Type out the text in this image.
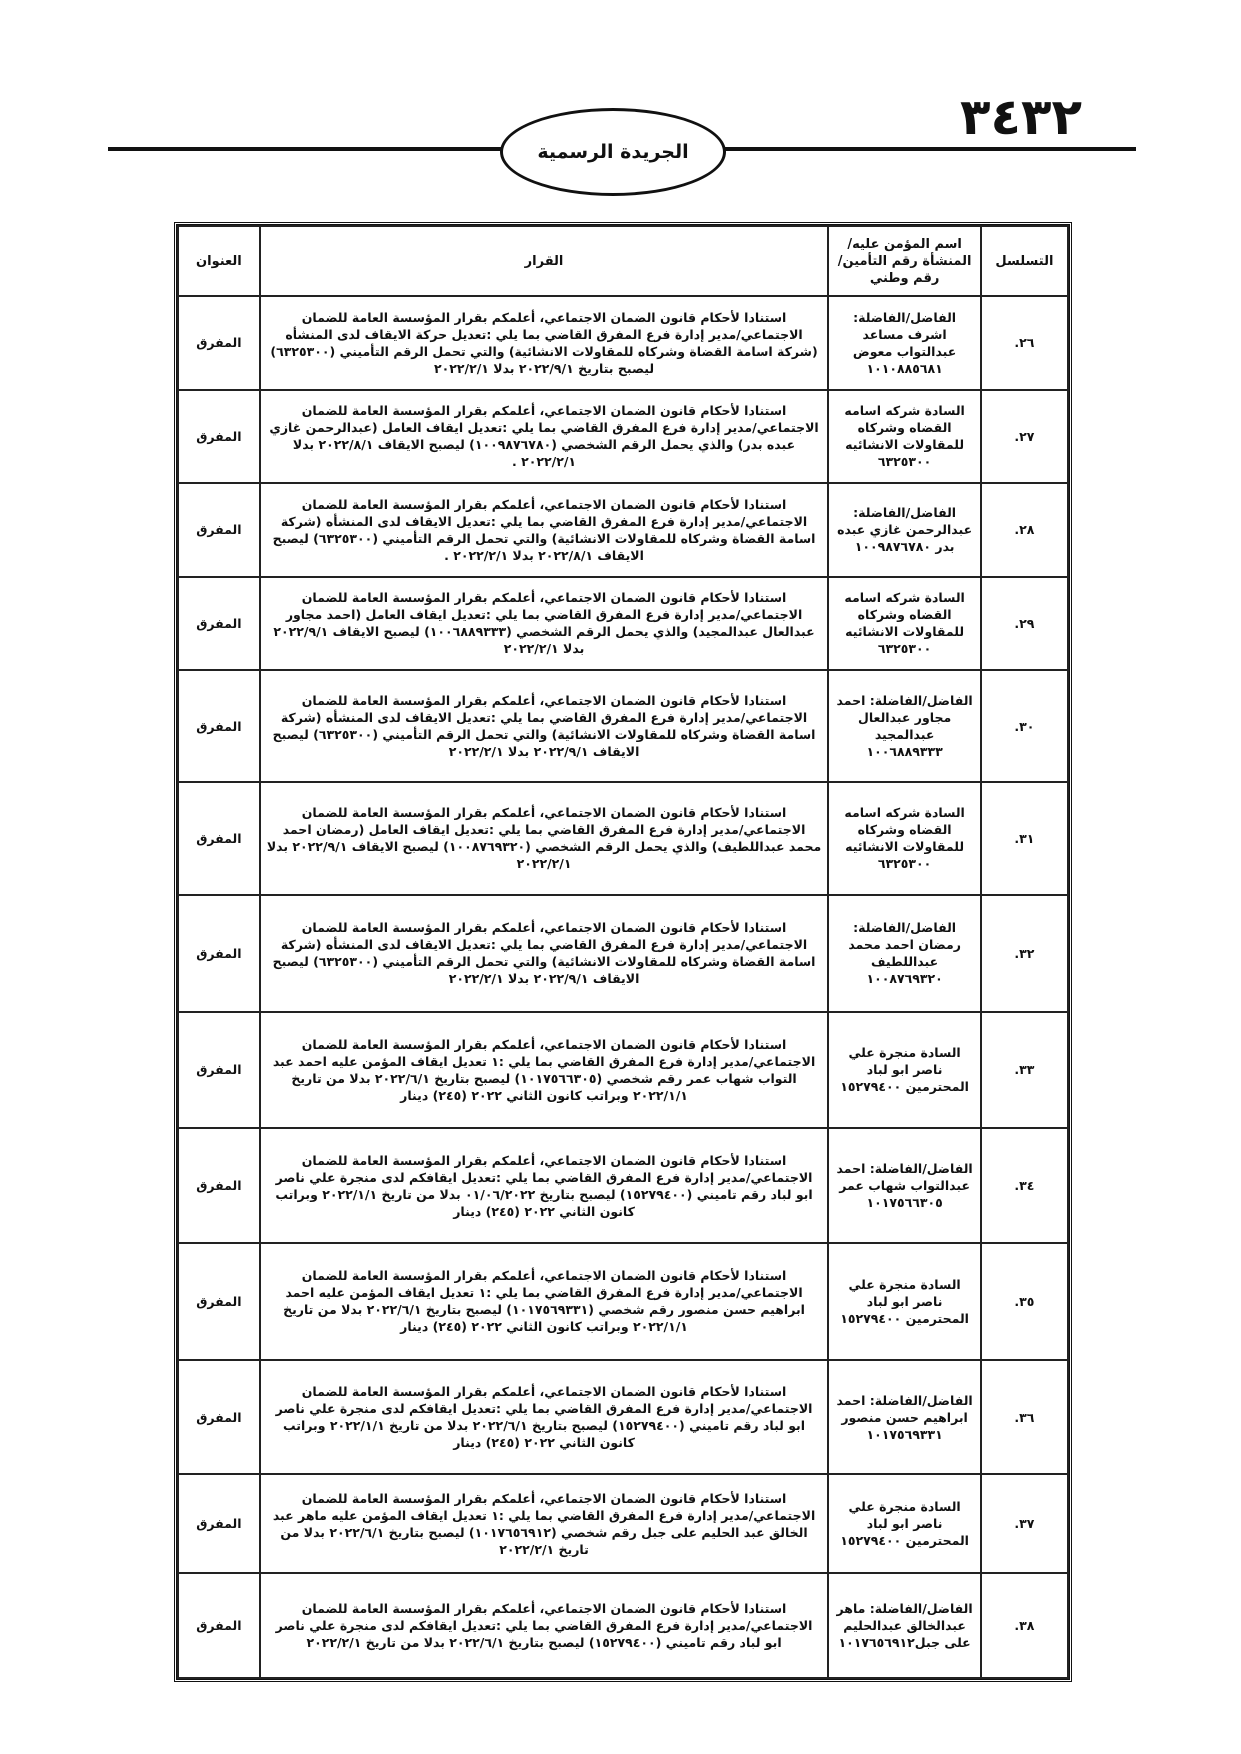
٣٤٣٢
الجريدة الرسمية
التسلسل	اسم المؤمن عليه/ المنشأة رقم التأمين/ رقم وطني	القرار	العنوان
٢٦.	الفاضل/الفاضلة: اشرف مساعد عبدالتواب معوض ١٠١٠٨٨٥٦٨١	استنادا لأحكام قانون الضمان الاجتماعي، أعلمكم بقرار المؤسسة العامة للضمان الاجتماعي/مدير إدارة فرع المفرق القاضي بما يلي :تعديل حركة الايقاف لدى المنشأه (شركة اسامة القضاة وشركاه للمقاولات الانشائية) والتي تحمل الرقم التأميني (٦٣٢٥٣٠٠) ليصبح بتاريخ ٢٠٢٢/٩/١ بدلا ٢٠٢٢/٢/١	المفرق
٢٧.	السادة شركه اسامه القضاه وشركاه للمقاولات الانشائيه ٦٣٢٥٣٠٠	استنادا لأحكام قانون الضمان الاجتماعي، أعلمكم بقرار المؤسسة العامة للضمان الاجتماعي/مدير إدارة فرع المفرق القاضي بما يلي :تعديل ايقاف العامل (عبدالرحمن غازي عبده بدر) والذي يحمل الرقم الشخصي (١٠٠٩٨٧٦٧٨٠) ليصبح الايقاف ٢٠٢٢/٨/١ بدلا ٢٠٢٢/٢/١ .	المفرق
٢٨.	الفاضل/الفاضلة: عبدالرحمن غازي عبده بدر ١٠٠٩٨٧٦٧٨٠	استنادا لأحكام قانون الضمان الاجتماعي، أعلمكم بقرار المؤسسة العامة للضمان الاجتماعي/مدير إدارة فرع المفرق القاضي بما يلي :تعديل الايقاف لدى المنشأه (شركة اسامة القضاة وشركاه للمقاولات الانشائية) والتي تحمل الرقم التأميني (٦٣٢٥٣٠٠) ليصبح الايقاف ٢٠٢٢/٨/١ بدلا ٢٠٢٢/٢/١ .	المفرق
٢٩.	السادة شركه اسامه القضاه وشركاه للمقاولات الانشائيه ٦٣٢٥٣٠٠	استنادا لأحكام قانون الضمان الاجتماعي، أعلمكم بقرار المؤسسة العامة للضمان الاجتماعي/مدير إدارة فرع المفرق القاضي بما يلي :تعديل ايقاف العامل (احمد مجاور عبدالعال عبدالمجيد) والذي يحمل الرقم الشخصي (١٠٠٦٨٨٩٣٣٣) ليصبح الايقاف ٢٠٢٢/٩/١ بدلا ٢٠٢٢/٢/١	المفرق
٣٠.	الفاضل/الفاضلة: احمد مجاور عبدالعال عبدالمجيد ١٠٠٦٨٨٩٣٣٣	استنادا لأحكام قانون الضمان الاجتماعي، أعلمكم بقرار المؤسسة العامة للضمان الاجتماعي/مدير إدارة فرع المفرق القاضي بما يلي :تعديل الايقاف لدى المنشأه (شركة اسامة القضاة وشركاه للمقاولات الانشائية) والتي تحمل الرقم التأميني (٦٣٢٥٣٠٠) ليصبح الايقاف ٢٠٢٢/٩/١ بدلا ٢٠٢٢/٢/١	المفرق
٣١.	السادة شركه اسامه القضاه وشركاه للمقاولات الانشائيه ٦٣٢٥٣٠٠	استنادا لأحكام قانون الضمان الاجتماعي، أعلمكم بقرار المؤسسة العامة للضمان الاجتماعي/مدير إدارة فرع المفرق القاضي بما يلي :تعديل ايقاف العامل (رمضان احمد محمد عبداللطيف) والذي يحمل الرقم الشخصي (١٠٠٨٧٦٩٣٢٠) ليصبح الايقاف ٢٠٢٢/٩/١ بدلا ٢٠٢٢/٢/١	المفرق
٣٢.	الفاضل/الفاضلة: رمضان احمد محمد عبداللطيف ١٠٠٨٧٦٩٣٢٠	استنادا لأحكام قانون الضمان الاجتماعي، أعلمكم بقرار المؤسسة العامة للضمان الاجتماعي/مدير إدارة فرع المفرق القاضي بما يلي :تعديل الايقاف لدى المنشأه (شركة اسامة القضاة وشركاه للمقاولات الانشائية) والتي تحمل الرقم التأميني (٦٣٢٥٣٠٠) ليصبح الايقاف ٢٠٢٢/٩/١ بدلا ٢٠٢٢/٢/١	المفرق
٣٣.	السادة منجرة علي ناصر ابو لباد المحترمين ١٥٢٧٩٤٠٠	استنادا لأحكام قانون الضمان الاجتماعي، أعلمكم بقرار المؤسسة العامة للضمان الاجتماعي/مدير إدارة فرع المفرق القاضي بما يلي :١ تعديل ايقاف المؤمن عليه احمد عبد التواب شهاب عمر رقم شخصي (١٠١٧٥٦٦٣٠٥) ليصبح بتاريخ ٢٠٢٢/٦/١ بدلا من تاريخ ٢٠٢٢/١/١ وبراتب كانون الثاني ٢٠٢٢ (٢٤٥) دينار	المفرق
٣٤.	الفاضل/الفاضلة: احمد عبدالتواب شهاب عمر ١٠١٧٥٦٦٣٠٥	استنادا لأحكام قانون الضمان الاجتماعي، أعلمكم بقرار المؤسسة العامة للضمان الاجتماعي/مدير إدارة فرع المفرق القاضي بما يلي :تعديل ايقافكم لدى منجرة علي ناصر ابو لباد رقم تاميني (١٥٢٧٩٤٠٠) ليصبح بتاريخ ٠١/٠٦/٢٠٢٢ بدلا من تاريخ ٢٠٢٢/١/١ وبراتب كانون الثاني ٢٠٢٢ (٢٤٥) دينار	المفرق
٣٥.	السادة منجرة علي ناصر ابو لباد المحترمين ١٥٢٧٩٤٠٠	استنادا لأحكام قانون الضمان الاجتماعي، أعلمكم بقرار المؤسسة العامة للضمان الاجتماعي/مدير إدارة فرع المفرق القاضي بما يلي :١ تعديل ايقاف المؤمن عليه احمد ابراهيم حسن منصور رقم شخصي (١٠١٧٥٦٩٣٣١) ليصبح بتاريخ ٢٠٢٢/٦/١ بدلا من تاريخ ٢٠٢٢/١/١ وبراتب كانون الثاني ٢٠٢٢ (٢٤٥) دينار	المفرق
٣٦.	الفاضل/الفاضلة: احمد ابراهيم حسن منصور ١٠١٧٥٦٩٣٣١	استنادا لأحكام قانون الضمان الاجتماعي، أعلمكم بقرار المؤسسة العامة للضمان الاجتماعي/مدير إدارة فرع المفرق القاضي بما يلي :تعديل ايقافكم لدى منجرة علي ناصر ابو لباد رقم تاميني (١٥٢٧٩٤٠٠) ليصبح بتاريخ ٢٠٢٢/٦/١ بدلا من تاريخ ٢٠٢٢/١/١ وبراتب كانون الثاني ٢٠٢٢ (٢٤٥) دينار	المفرق
٣٧.	السادة منجرة علي ناصر ابو لباد المحترمين ١٥٢٧٩٤٠٠	استنادا لأحكام قانون الضمان الاجتماعي، أعلمكم بقرار المؤسسة العامة للضمان الاجتماعي/مدير إدارة فرع المفرق القاضي بما يلي :١ تعديل ايقاف المؤمن عليه ماهر عبد الخالق عبد الحليم على جبل رقم شخصي (١٠١٧٦٥٦٩١٢) ليصبح بتاريخ ٢٠٢٢/٦/١ بدلا من تاريخ ٢٠٢٢/٢/١	المفرق
٣٨.	الفاضل/الفاضلة: ماهر عبدالخالق عبدالحليم على جبل١٠١٧٦٥٦٩١٢	استنادا لأحكام قانون الضمان الاجتماعي، أعلمكم بقرار المؤسسة العامة للضمان الاجتماعي/مدير إدارة فرع المفرق القاضي بما يلي :تعديل ايقافكم لدى منجرة علي ناصر ابو لباد رقم تاميني (١٥٢٧٩٤٠٠) ليصبح بتاريخ ٢٠٢٢/٦/١ بدلا من تاريخ ٢٠٢٢/٢/١	المفرق
